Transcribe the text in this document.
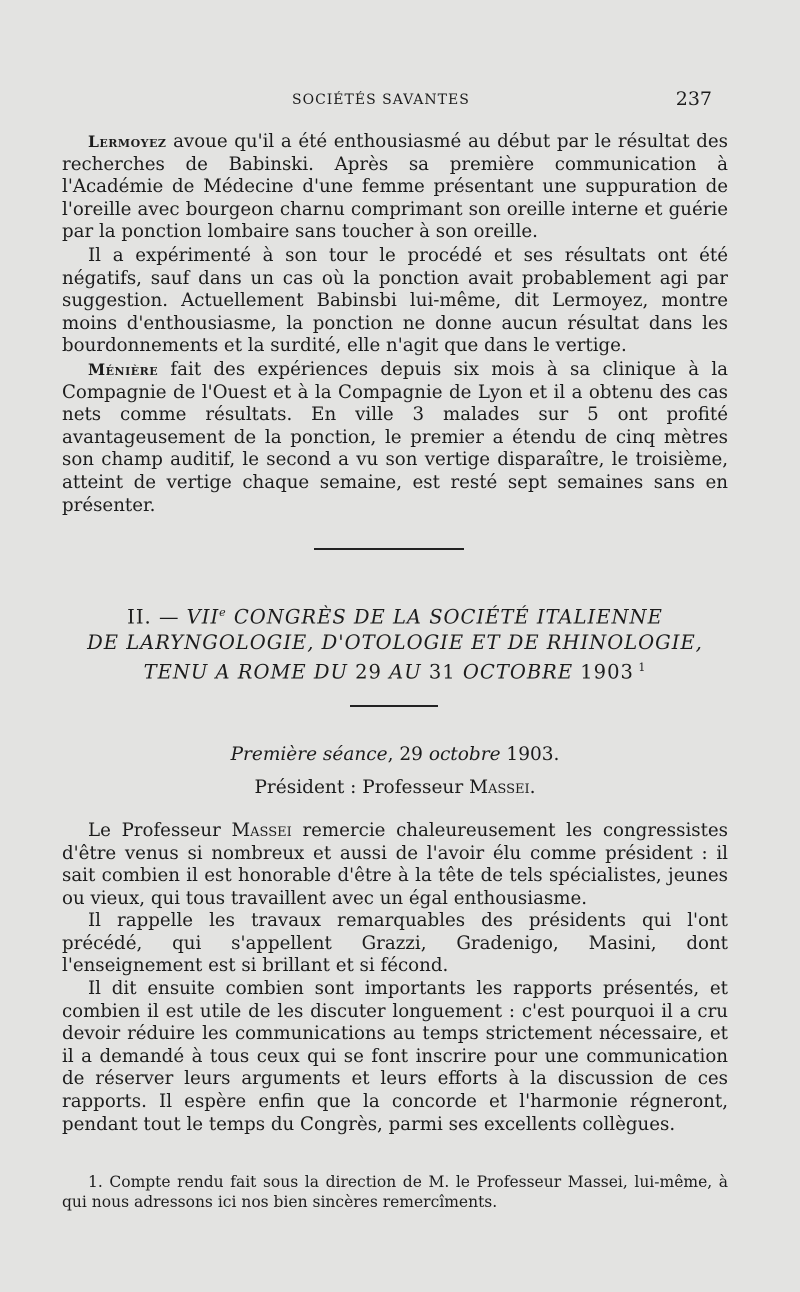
SOCIÉTÉS SAVANTES	237

Lermoyez avoue qu'il a été enthousiasmé au début par le résultat des recherches de Babinski. Après sa première communication à l'Académie de Médecine d'une femme présentant une suppuration de l'oreille avec bourgeon charnu comprimant son oreille interne et guérie par la ponction lombaire sans toucher à son oreille.

Il a expérimenté à son tour le procédé et ses résultats ont été négatifs, sauf dans un cas où la ponction avait probablement agi par suggestion. Actuellement Babinsbi lui-même, dit Lermoyez, montre moins d'enthousiasme, la ponction ne donne aucun résultat dans les bourdonnements et la surdité, elle n'agit que dans le vertige.

Ménière fait des expériences depuis six mois à sa clinique à la Compagnie de l'Ouest et à la Compagnie de Lyon et il a obtenu des cas nets comme résultats. En ville 3 malades sur 5 ont profité avantageusement de la ponction, le premier a étendu de cinq mètres son champ auditif, le second a vu son vertige disparaître, le troisième, atteint de vertige chaque semaine, est resté sept semaines sans en présenter.

II. — VIIe CONGRÈS DE LA SOCIÉTÉ ITALIENNE
DE LARYNGOLOGIE, D'OTOLOGIE ET DE RHINOLOGIE,
TENU A ROME DU 29 AU 31 OCTOBRE 1903 $^1$
Première séance, 29 octobre 1903.
Président : Professeur Massei.

Le Professeur Massei remercie chaleureusement les congressistes d'être venus si nombreux et aussi de l'avoir élu comme président : il sait combien il est honorable d'être à la tête de tels spécialistes, jeunes ou vieux, qui tous travaillent avec un égal enthousiasme.

Il rappelle les travaux remarquables des présidents qui l'ont précédé, qui s'appellent Grazzi, Gradenigo, Masini, dont l'enseignement est si brillant et si fécond.

Il dit ensuite combien sont importants les rapports présentés, et combien il est utile de les discuter longuement : c'est pourquoi il a cru devoir réduire les communications au temps strictement nécessaire, et il a demandé à tous ceux qui se font inscrire pour une communication de réserver leurs arguments et leurs efforts à la discussion de ces rapports. Il espère enfin que la concorde et l'harmonie régneront, pendant tout le temps du Congrès, parmi ses excellents collègues.

1. Compte rendu fait sous la direction de M. le Professeur Massei, lui-même, à qui nous adressons ici nos bien sincères remercîments.
